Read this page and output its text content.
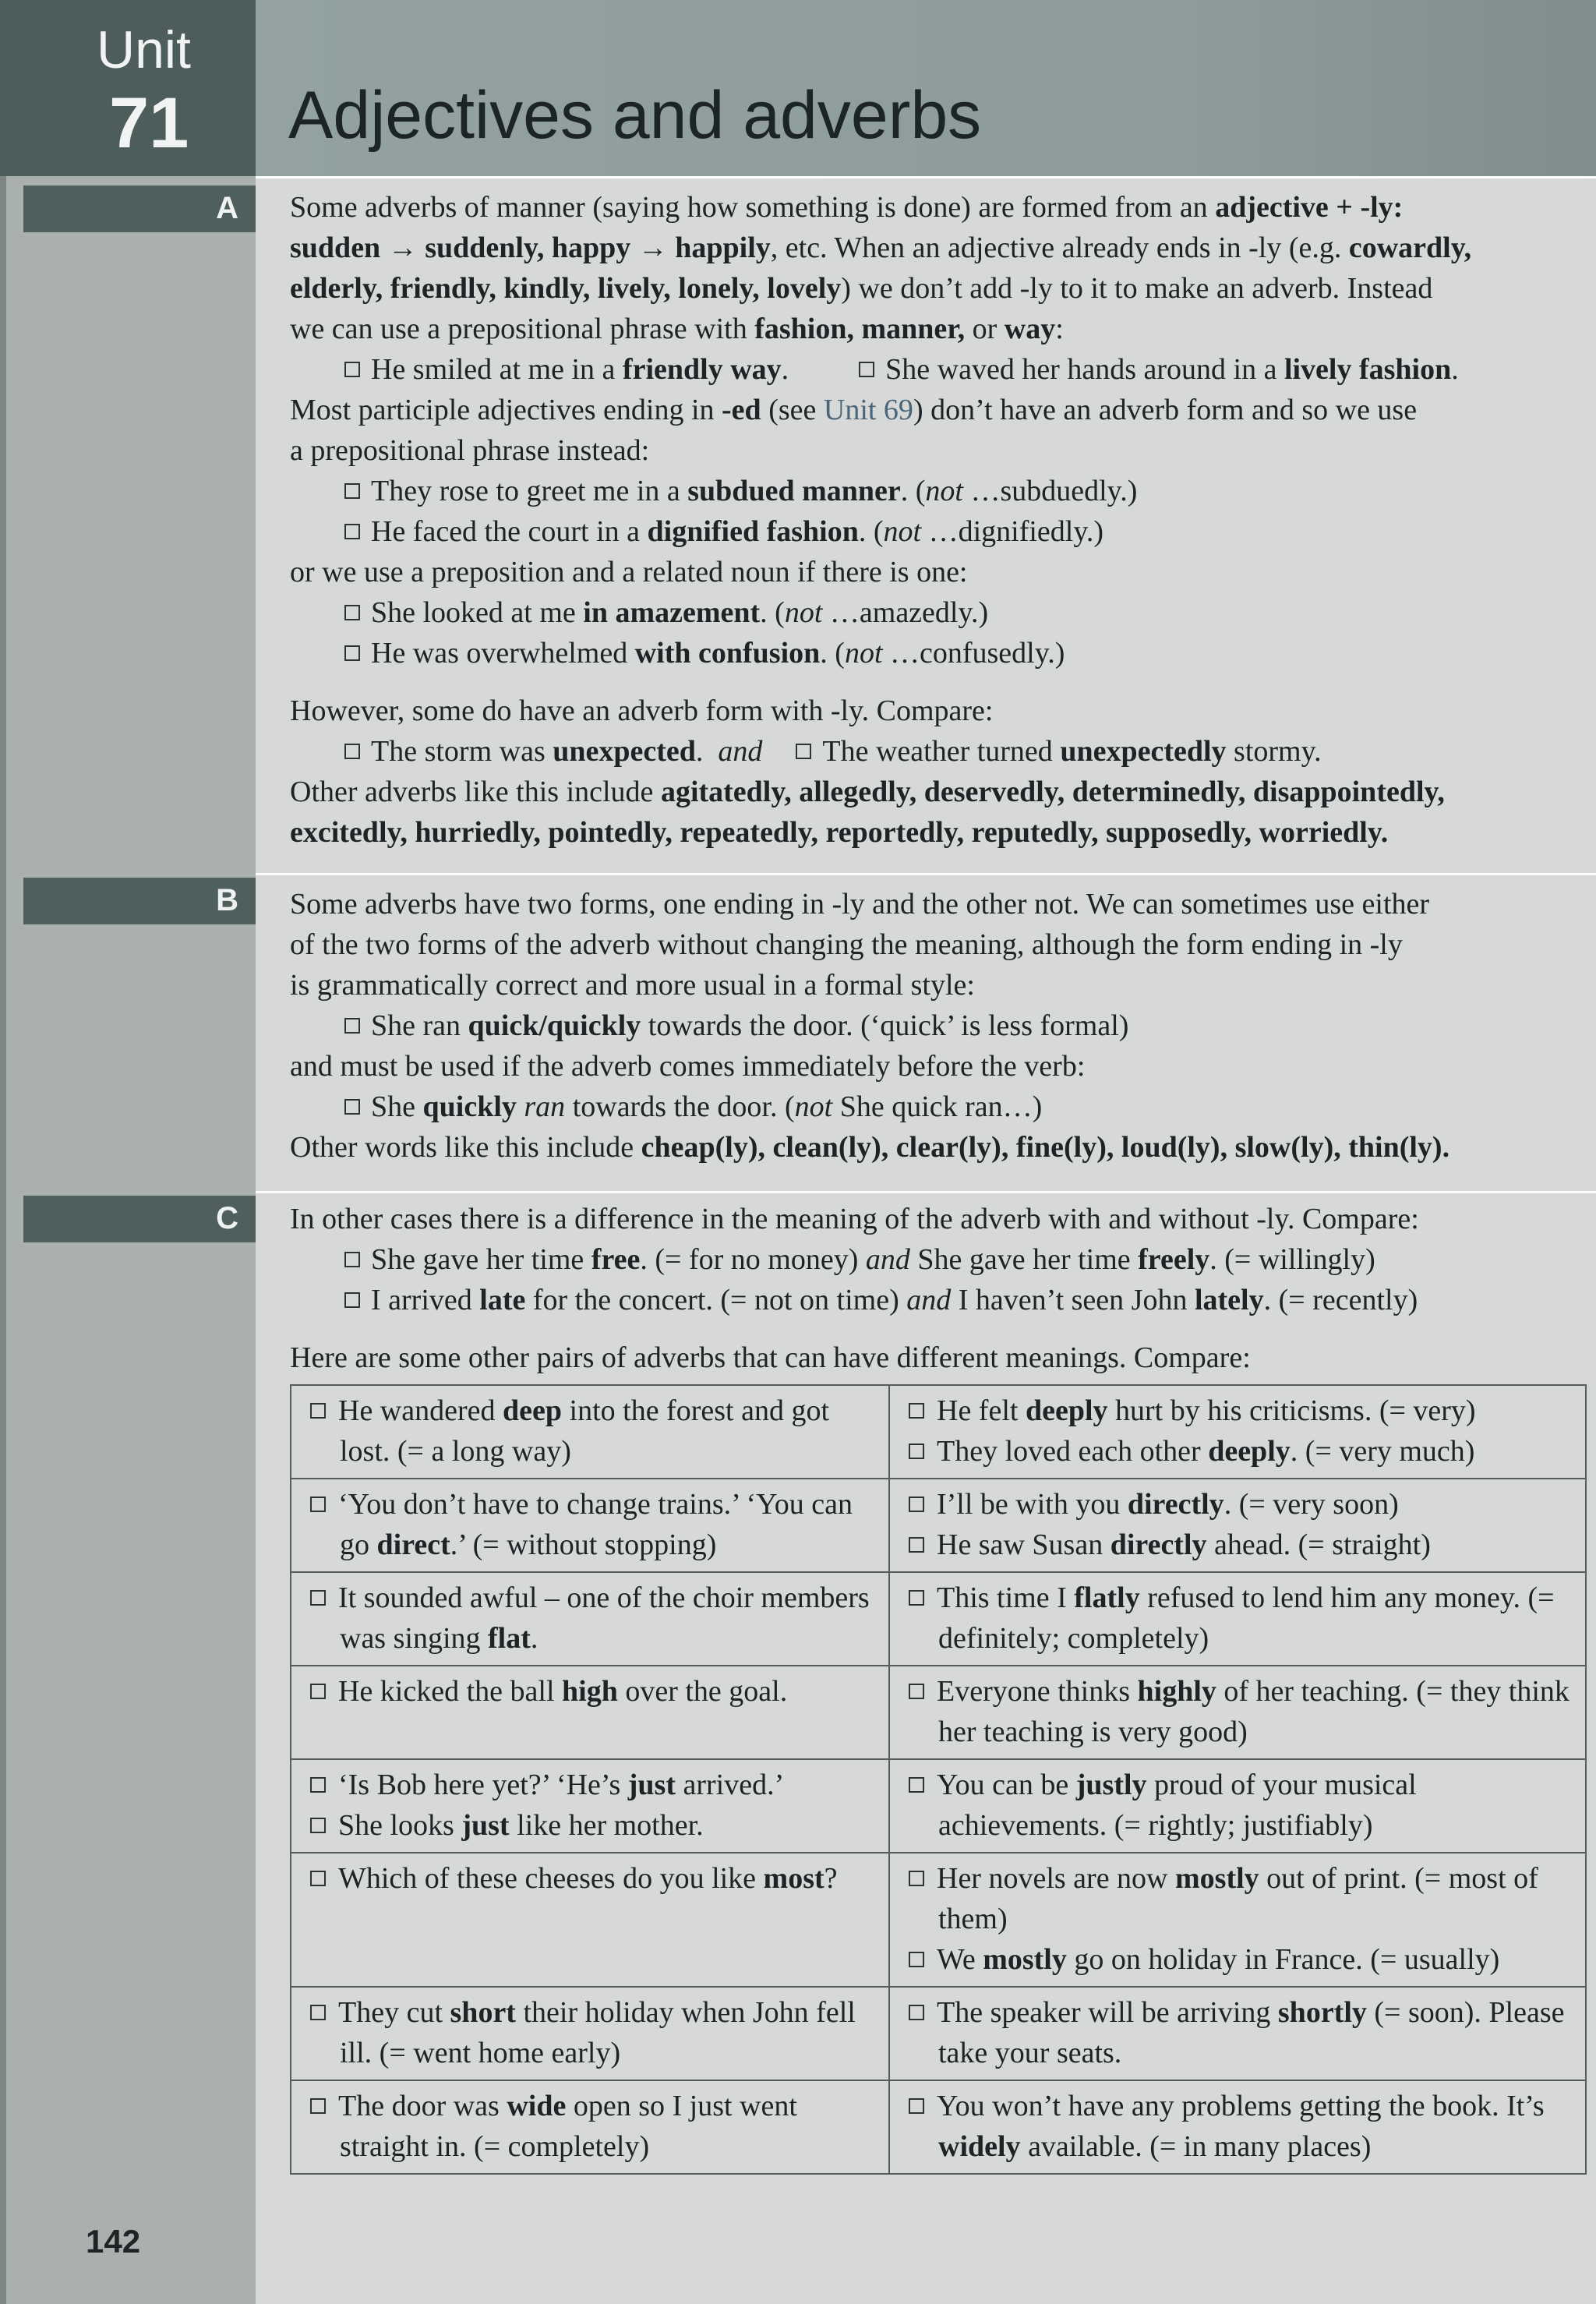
Unit
71 Adjectives and adverbs
A Some adverbs of manner (saying how something is done) are formed from an adjective + -ly:

sudden → suddenly, happy → happily, etc. When an adjective already ends in -ly (e.g. cowardly,

elderly, friendly, kindly, lively, lonely, lovely) we don’t add -ly to it to make an adverb. Instead

we can use a prepositional phrase with fashion, manner, or way:

He smiled at me in a friendly way.	She waved her hands around in a lively fashion.

Most participle adjectives ending in -ed (see Unit 69) don’t have an adverb form and so we use

a prepositional phrase instead:

They rose to greet me in a subdued manner. (not …subduedly.)

He faced the court in a dignified fashion. (not …dignifiedly.)

or we use a preposition and a related noun if there is one:

She looked at me in amazement. (not …amazedly.)

He was overwhelmed with confusion. (not …confusedly.)

However, some do have an adverb form with -ly. Compare:

The storm was unexpected. and The weather turned unexpectedly stormy.

Other adverbs like this include agitatedly, allegedly, deservedly, determinedly, disappointedly,

excitedly, hurriedly, pointedly, repeatedly, reportedly, reputedly, supposedly, worriedly.

B Some adverbs have two forms, one ending in -ly and the other not. We can sometimes use either

of the two forms of the adverb without changing the meaning, although the form ending in -ly

is grammatically correct and more usual in a formal style:

She ran quick/quickly towards the door. (‘quick’ is less formal)

and must be used if the adverb comes immediately before the verb:

She quickly ran towards the door. (not She quick ran…)

Other words like this include cheap(ly), clean(ly), clear(ly), fine(ly), loud(ly), slow(ly), thin(ly).

C In other cases there is a difference in the meaning of the adverb with and without -ly. Compare:

She gave her time free. (= for no money) and She gave her time freely. (= willingly)

I arrived late for the concert. (= not on time) and I haven’t seen John lately. (= recently)

Here are some other pairs of adverbs that can have different meanings. Compare:

He wandered deep into the forest and got lost. (= a long way)	He felt deeply hurt by his criticisms. (= very)
They loved each other deeply. (= very much)

‘You don’t have to change trains.’ ‘You can go direct.’ (= without stopping)	I’ll be with you directly. (= very soon)
He saw Susan directly ahead. (= straight)

It sounded awful – one of the choir members was singing flat.	This time I flatly refused to lend him any money. (= definitely; completely)

He kicked the ball high over the goal.	Everyone thinks highly of her teaching. (= they think her teaching is very good)

‘Is Bob here yet?’ ‘He’s just arrived.’
She looks just like her mother.	You can be justly proud of your musical achievements. (= rightly; justifiably)

Which of these cheeses do you like most?	Her novels are now mostly out of print. (= most of them)
We mostly go on holiday in France. (= usually)

They cut short their holiday when John fell ill. (= went home early)	The speaker will be arriving shortly (= soon). Please take your seats.

The door was wide open so I just went straight in. (= completely)	You won’t have any problems getting the book. It’s widely available. (= in many places)
142
